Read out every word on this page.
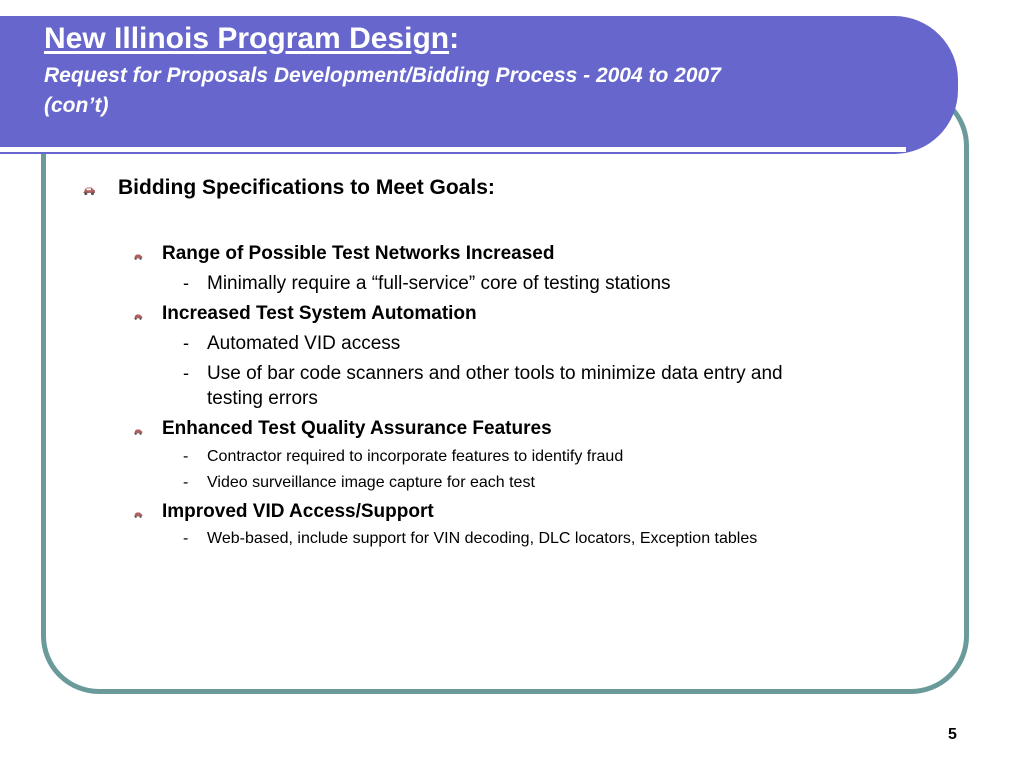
New Illinois Program Design:

Request for Proposals Development/Bidding Process - 2004 to 2007
(con’t)

Bidding Specifications to Meet Goals:
Range of Possible Test Networks Increased
- Minimally require a “full-service” core of testing stations
Increased Test System Automation
- Automated VID access
- Use of bar code scanners and other tools to minimize data entry and
testing errors
Enhanced Test Quality Assurance Features
- Contractor required to incorporate features to identify fraud
- Video surveillance image capture for each test
Improved VID Access/Support
- Web-based, include support for VIN decoding, DLC locators, Exception tables
5
